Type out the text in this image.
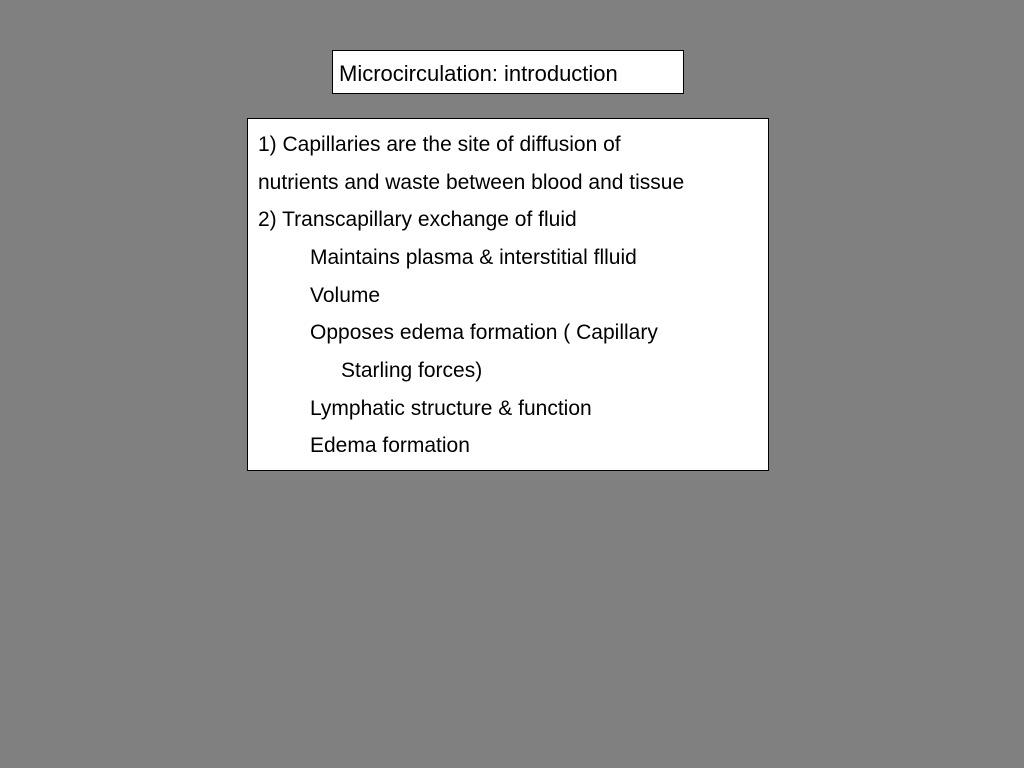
Microcirculation: introduction
1) Capillaries are the site of diffusion of
nutrients and waste between blood and tissue
2) Transcapillary exchange of fluid
Maintains plasma & interstitial flluid
Volume
Opposes edema formation ( Capillary
Starling forces)
Lymphatic structure & function
Edema formation
